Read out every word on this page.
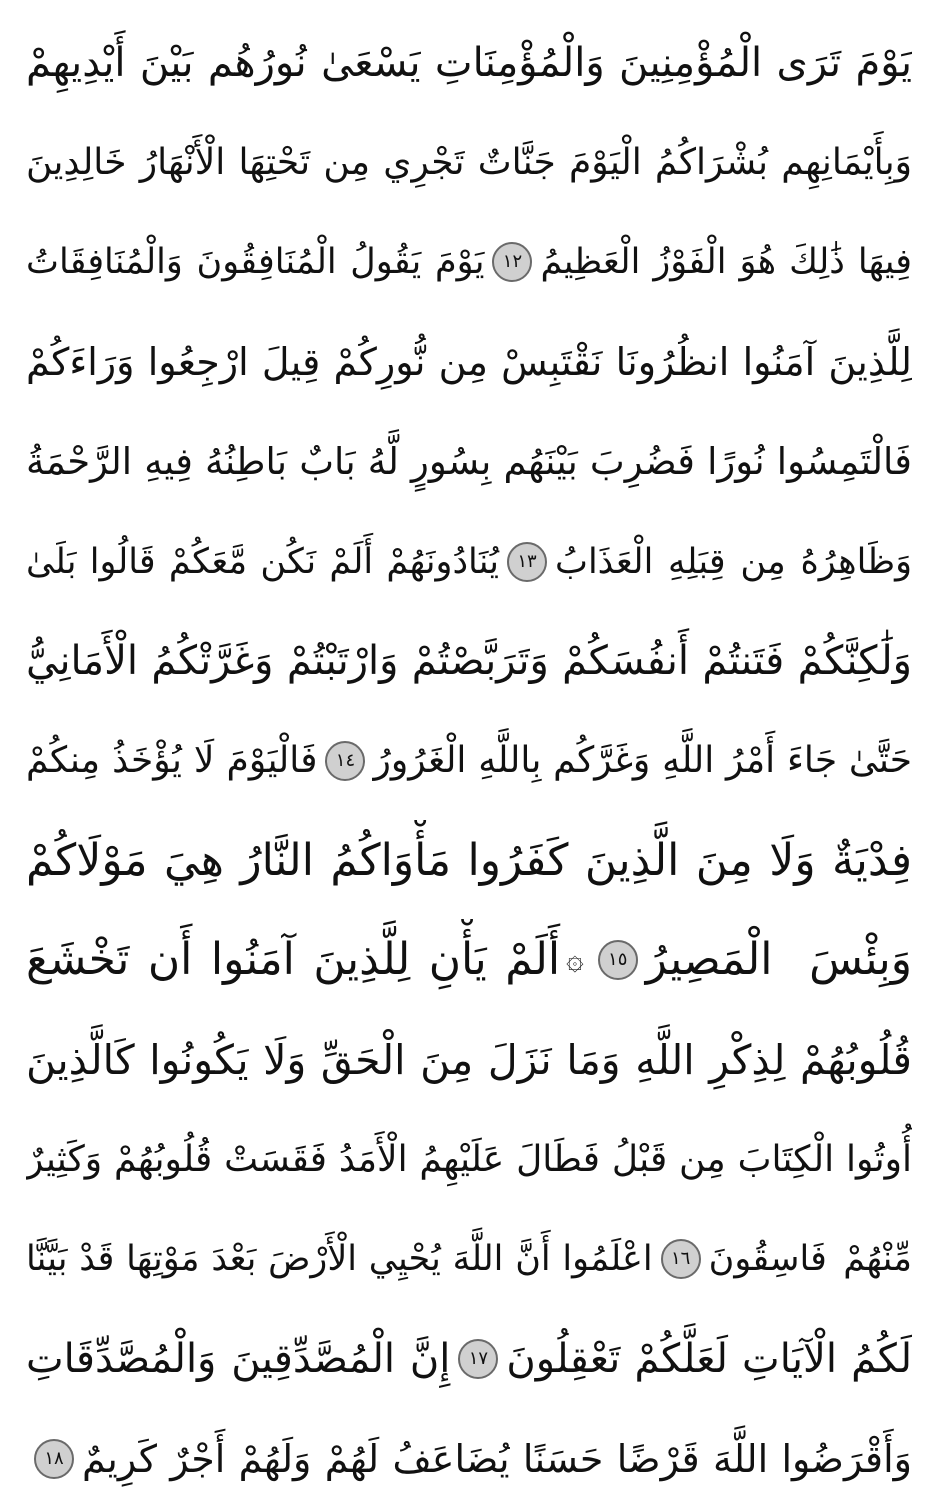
يَوْمَ تَرَى الْمُؤْمِنِينَ وَالْمُؤْمِنَاتِ يَسْعَىٰ نُورُهُم بَيْنَ أَيْدِيهِمْ
وَبِأَيْمَانِهِم بُشْرَاكُمُ الْيَوْمَ جَنَّاتٌ تَجْرِي مِن تَحْتِهَا الْأَنْهَارُ خَالِدِينَ
فِيهَا ذَٰلِكَ هُوَ الْفَوْزُ الْعَظِيمُ
١٢
يَوْمَ يَقُولُ الْمُنَافِقُونَ وَالْمُنَافِقَاتُ
لِلَّذِينَ آمَنُوا انظُرُونَا نَقْتَبِسْ مِن نُّورِكُمْ قِيلَ ارْجِعُوا وَرَاءَكُمْ
فَالْتَمِسُوا نُورًا فَضُرِبَ بَيْنَهُم بِسُورٍ لَّهُ بَابٌ بَاطِنُهُ فِيهِ الرَّحْمَةُ
وَظَاهِرُهُ مِن قِبَلِهِ الْعَذَابُ
١٣
يُنَادُونَهُمْ أَلَمْ نَكُن مَّعَكُمْ قَالُوا بَلَىٰ
وَلَٰكِنَّكُمْ فَتَنتُمْ أَنفُسَكُمْ وَتَرَبَّصْتُمْ وَارْتَبْتُمْ وَغَرَّتْكُمُ الْأَمَانِيُّ
حَتَّىٰ جَاءَ أَمْرُ اللَّهِ وَغَرَّكُم بِاللَّهِ الْغَرُورُ
١٤
فَالْيَوْمَ لَا يُؤْخَذُ مِنكُمْ
فِدْيَةٌ وَلَا مِنَ الَّذِينَ كَفَرُوا مَأْوَاكُمُ النَّارُ هِيَ مَوْلَاكُمْ
وَبِئْسَ الْمَصِيرُ
١٥
۞
أَلَمْ يَأْنِ لِلَّذِينَ آمَنُوا أَن تَخْشَعَ
قُلُوبُهُمْ لِذِكْرِ اللَّهِ وَمَا نَزَلَ مِنَ الْحَقِّ وَلَا يَكُونُوا كَالَّذِينَ
أُوتُوا الْكِتَابَ مِن قَبْلُ فَطَالَ عَلَيْهِمُ الْأَمَدُ فَقَسَتْ قُلُوبُهُمْ وَكَثِيرٌ
مِّنْهُمْ فَاسِقُونَ
١٦
اعْلَمُوا أَنَّ اللَّهَ يُحْيِي الْأَرْضَ بَعْدَ مَوْتِهَا قَدْ بَيَّنَّا
لَكُمُ الْآيَاتِ لَعَلَّكُمْ تَعْقِلُونَ
١٧
إِنَّ الْمُصَّدِّقِينَ وَالْمُصَّدِّقَاتِ
وَأَقْرَضُوا اللَّهَ قَرْضًا حَسَنًا يُضَاعَفُ لَهُمْ وَلَهُمْ أَجْرٌ كَرِيمٌ
١٨
